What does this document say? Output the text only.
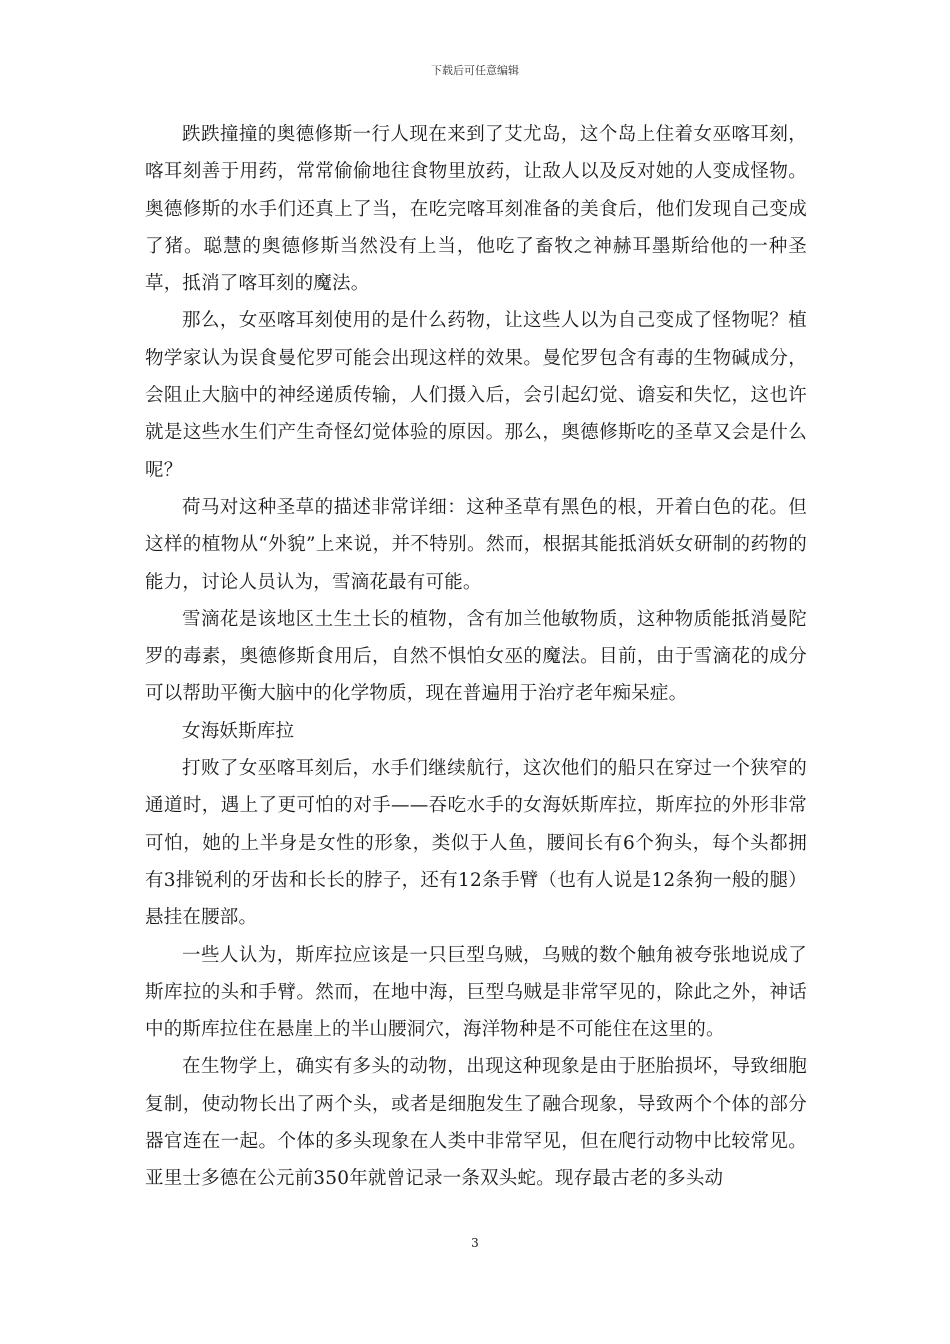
下载后可任意编辑

跌跌撞撞的奥德修斯一行人现在来到了艾尤岛，这个岛上住着女巫喀耳刻，喀耳刻善于用药，常常偷偷地往食物里放药，让敌人以及反对她的人变成怪物。奥德修斯的水手们还真上了当，在吃完喀耳刻准备的美食后，他们发现自己变成了猪。聪慧的奥德修斯当然没有上当，他吃了畜牧之神赫耳墨斯给他的一种圣草，抵消了喀耳刻的魔法。

那么，女巫喀耳刻使用的是什么药物，让这些人以为自己变成了怪物呢？植物学家认为误食曼佗罗可能会出现这样的效果。曼佗罗包含有毒的生物碱成分，会阻止大脑中的神经递质传输，人们摄入后，会引起幻觉、谵妄和失忆，这也许就是这些水生们产生奇怪幻觉体验的原因。那么，奥德修斯吃的圣草又会是什么呢？

荷马对这种圣草的描述非常详细：这种圣草有黑色的根，开着白色的花。但这样的植物从“外貌”上来说，并不特别。然而，根据其能抵消妖女研制的药物的能力，讨论人员认为，雪滴花最有可能。

雪滴花是该地区土生土长的植物，含有加兰他敏物质，这种物质能抵消曼陀罗的毒素，奥德修斯食用后，自然不惧怕女巫的魔法。目前，由于雪滴花的成分可以帮助平衡大脑中的化学物质，现在普遍用于治疗老年痴呆症。

女海妖斯库拉

打败了女巫喀耳刻后，水手们继续航行，这次他们的船只在穿过一个狭窄的通道时，遇上了更可怕的对手——吞吃水手的女海妖斯库拉，斯库拉的外形非常可怕，她的上半身是女性的形象，类似于人鱼，腰间长有6个狗头，每个头都拥有3排锐利的牙齿和长长的脖子，还有12条手臂（也有人说是12条狗一般的腿）悬挂在腰部。

一些人认为，斯库拉应该是一只巨型乌贼，乌贼的数个触角被夸张地说成了斯库拉的头和手臂。然而，在地中海，巨型乌贼是非常罕见的，除此之外，神话中的斯库拉住在悬崖上的半山腰洞穴，海洋物种是不可能住在这里的。

在生物学上，确实有多头的动物，出现这种现象是由于胚胎损坏，导致细胞复制，使动物长出了两个头，或者是细胞发生了融合现象，导致两个个体的部分器官连在一起。个体的多头现象在人类中非常罕见，但在爬行动物中比较常见。亚里士多德在公元前350年就曾记录一条双头蛇。现存最古老的多头动

3
